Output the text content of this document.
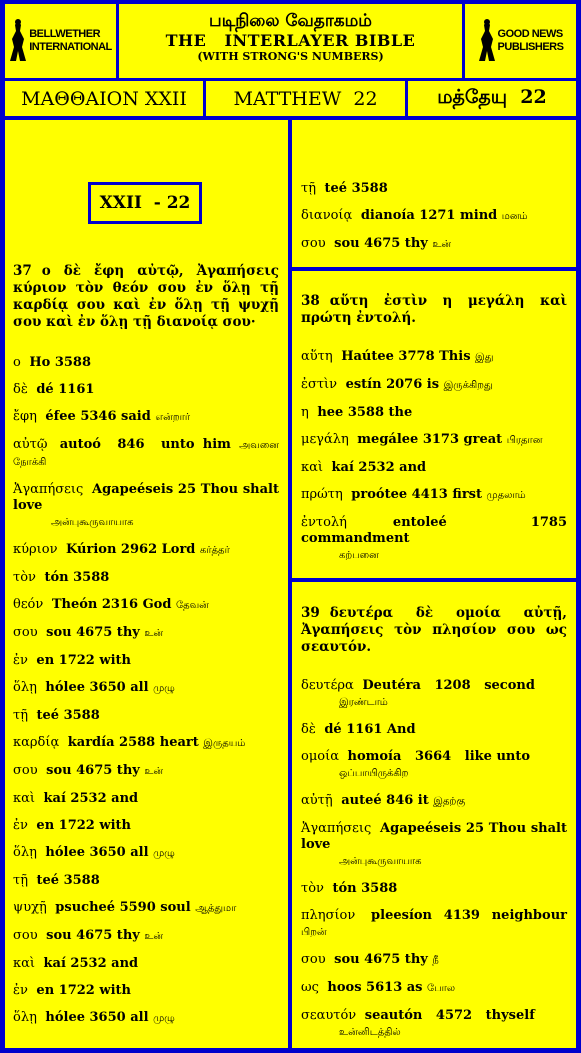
BELLWETHER
INTERNATIONAL
படிநிலை வேதாகமம்
THE   INTERLAYER BIBLE
(WITH STRONG'S NUMBERS)
GOOD NEWS
PUBLISHERS
ΜΑΘΘΑΙΟΝ XXII MATTHEW  22	மத்தேயு  22
XXII  - 22
37 ο δὲ ἔφη αὐτῷ, Ἀγαπήσεις κύριον τὸν θεόν σου ἐν ὅλῃ τῇ καρδίᾳ σου καὶ ἐν ὅλῃ τῇ ψυχῇ σου καὶ ἐν ὅλῃ τῇ διανοίᾳ σου·
ο Ho 3588
δὲ dé 1161
ἔφη éfee 5346 said என்றார்
αὐτῷ autoó  846  unto him அவனை நோக்கி
Ἀγαπήσεις Agapeéseis 25 Thou shalt love
அன்புகூருவாயாக
κύριον Kúrion 2962 Lord கர்த்தர்
τὸν tón 3588
θεόν Theón 2316 God தேவன்
σου sou 4675 thy உன்
ἐν en 1722 with
ὅλῃ hólee 3650 all முழு
τῇ teé 3588
καρδίᾳ kardía 2588 heart இருதயம்
σου sou 4675 thy உன்
καὶ kaí 2532 and
ἐν en 1722 with
ὅλῃ hólee 3650 all முழு
τῇ teé 3588
ψυχῇ psucheé 5590 soul ஆத்துமா
σου sou 4675 thy உன்
καὶ kaí 2532 and
ἐν en 1722 with
ὅλῃ hólee 3650 all முழு
τῇ teé 3588
διανοίᾳ dianoía 1271 mind மனம்
σου sou 4675 thy உன்
38 αὕτη ἐστὶν η μεγάλη καὶ πρώτη ἐντολή.
αὕτη Haútee 3778 This இது
ἐστὶν estín 2076 is இருக்கிறது
η hee 3588 the
μεγάλη megálee 3173 great பிரதான
καὶ kaí 2532 and
πρώτη proótee 4413 first முதலாம்
ἐντολή entoleé  1785  commandment
கற்பனை
39 δευτέρα δὲ ομοία αὐτῇ, Ἀγαπήσεις τὸν πλησίον σου ως σεαυτόν.
δευτέρα Deutéra   1208   second
இரண்டாம்
δὲ dé 1161 And
ομοία homoía   3664   like unto
ஒப்பாயிருக்கிற
αὐτῇ auteé 846 it இதற்கு
Ἀγαπήσεις Agapeéseis 25 Thou shalt love
அன்புகூருவாயாக
τὸν tón 3588
πλησίον pleesíon 4139 neighbour பிறன்
σου sou 4675 thy நீ
ως hoos 5613 as போல
σεαυτόν seautón   4572   thyself
உன்னிடத்தில்
